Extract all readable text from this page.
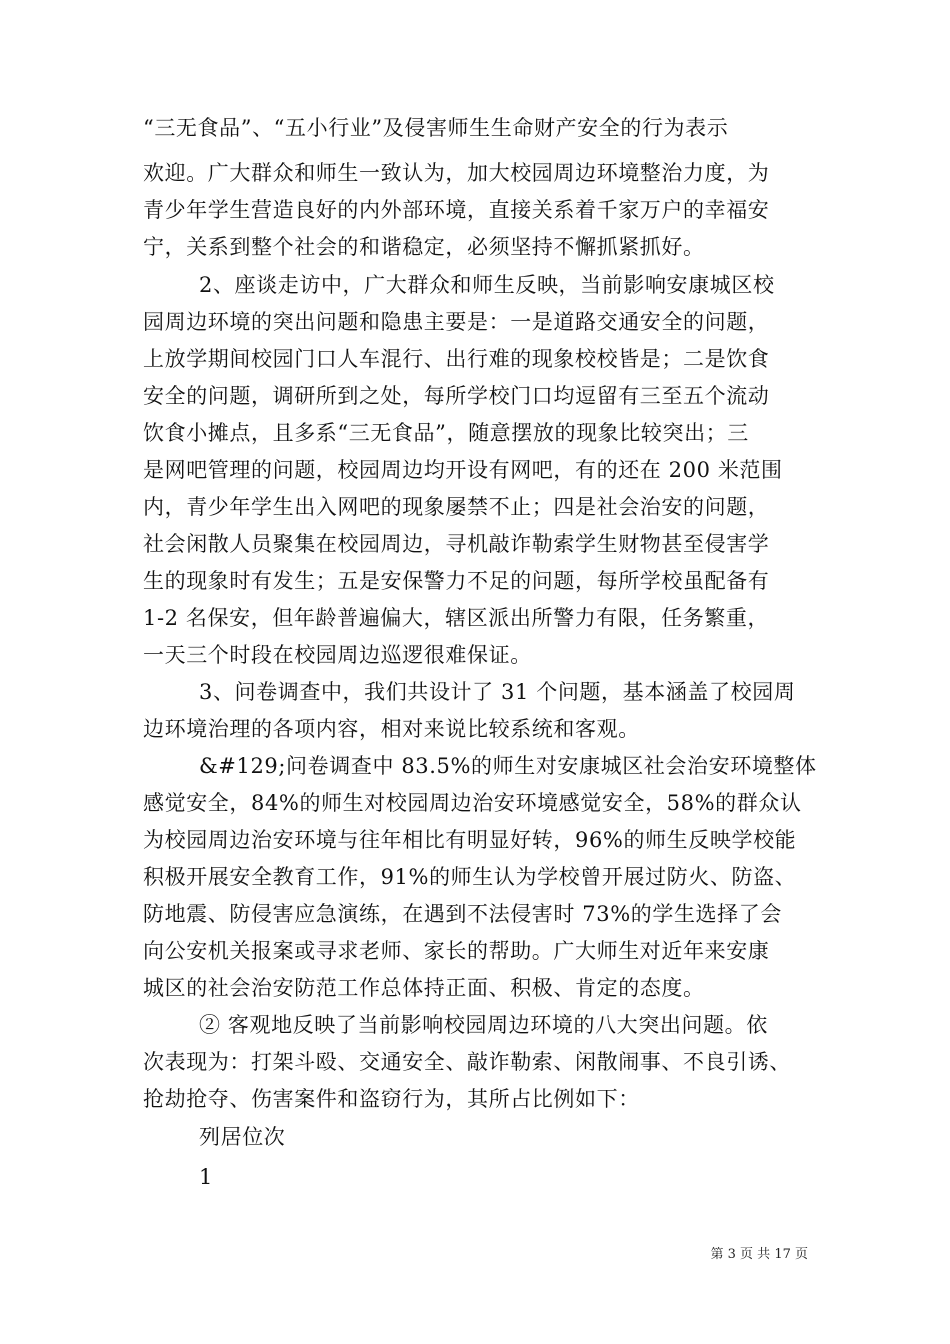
“三无食品”、“五小行业”及侵害师生生命财产安全的行为表示
欢迎。广大群众和师生一致认为，加大校园周边环境整治力度，为
青少年学生营造良好的内外部环境，直接关系着千家万户的幸福安
宁，关系到整个社会的和谐稳定，必须坚持不懈抓紧抓好。
2、座谈走访中，广大群众和师生反映，当前影响安康城区校
园周边环境的突出问题和隐患主要是：一是道路交通安全的问题，
上放学期间校园门口人车混行、出行难的现象校校皆是；二是饮食
安全的问题，调研所到之处，每所学校门口均逗留有三至五个流动
饮食小摊点，且多系“三无食品”，随意摆放的现象比较突出；三
是网吧管理的问题，校园周边均开设有网吧，有的还在 200 米范围
内，青少年学生出入网吧的现象屡禁不止；四是社会治安的问题，
社会闲散人员聚集在校园周边，寻机敲诈勒索学生财物甚至侵害学
生的现象时有发生；五是安保警力不足的问题，每所学校虽配备有
1-2 名保安，但年龄普遍偏大，辖区派出所警力有限，任务繁重，
一天三个时段在校园周边巡逻很难保证。
3、问卷调查中，我们共设计了 31 个问题，基本涵盖了校园周
边环境治理的各项内容，相对来说比较系统和客观。
&#129;问卷调查中 83.5%的师生对安康城区社会治安环境整体
感觉安全，84%的师生对校园周边治安环境感觉安全，58%的群众认
为校园周边治安环境与往年相比有明显好转，96%的师生反映学校能
积极开展安全教育工作，91%的师生认为学校曾开展过防火、防盗、
防地震、防侵害应急演练，在遇到不法侵害时 73%的学生选择了会
向公安机关报案或寻求老师、家长的帮助。广大师生对近年来安康
城区的社会治安防范工作总体持正面、积极、肯定的态度。
② 客观地反映了当前影响校园周边环境的八大突出问题。依
次表现为：打架斗殴、交通安全、敲诈勒索、闲散闹事、不良引诱、
抢劫抢夺、伤害案件和盗窃行为，其所占比例如下：
列居位次
1
第 3 页 共 17 页
